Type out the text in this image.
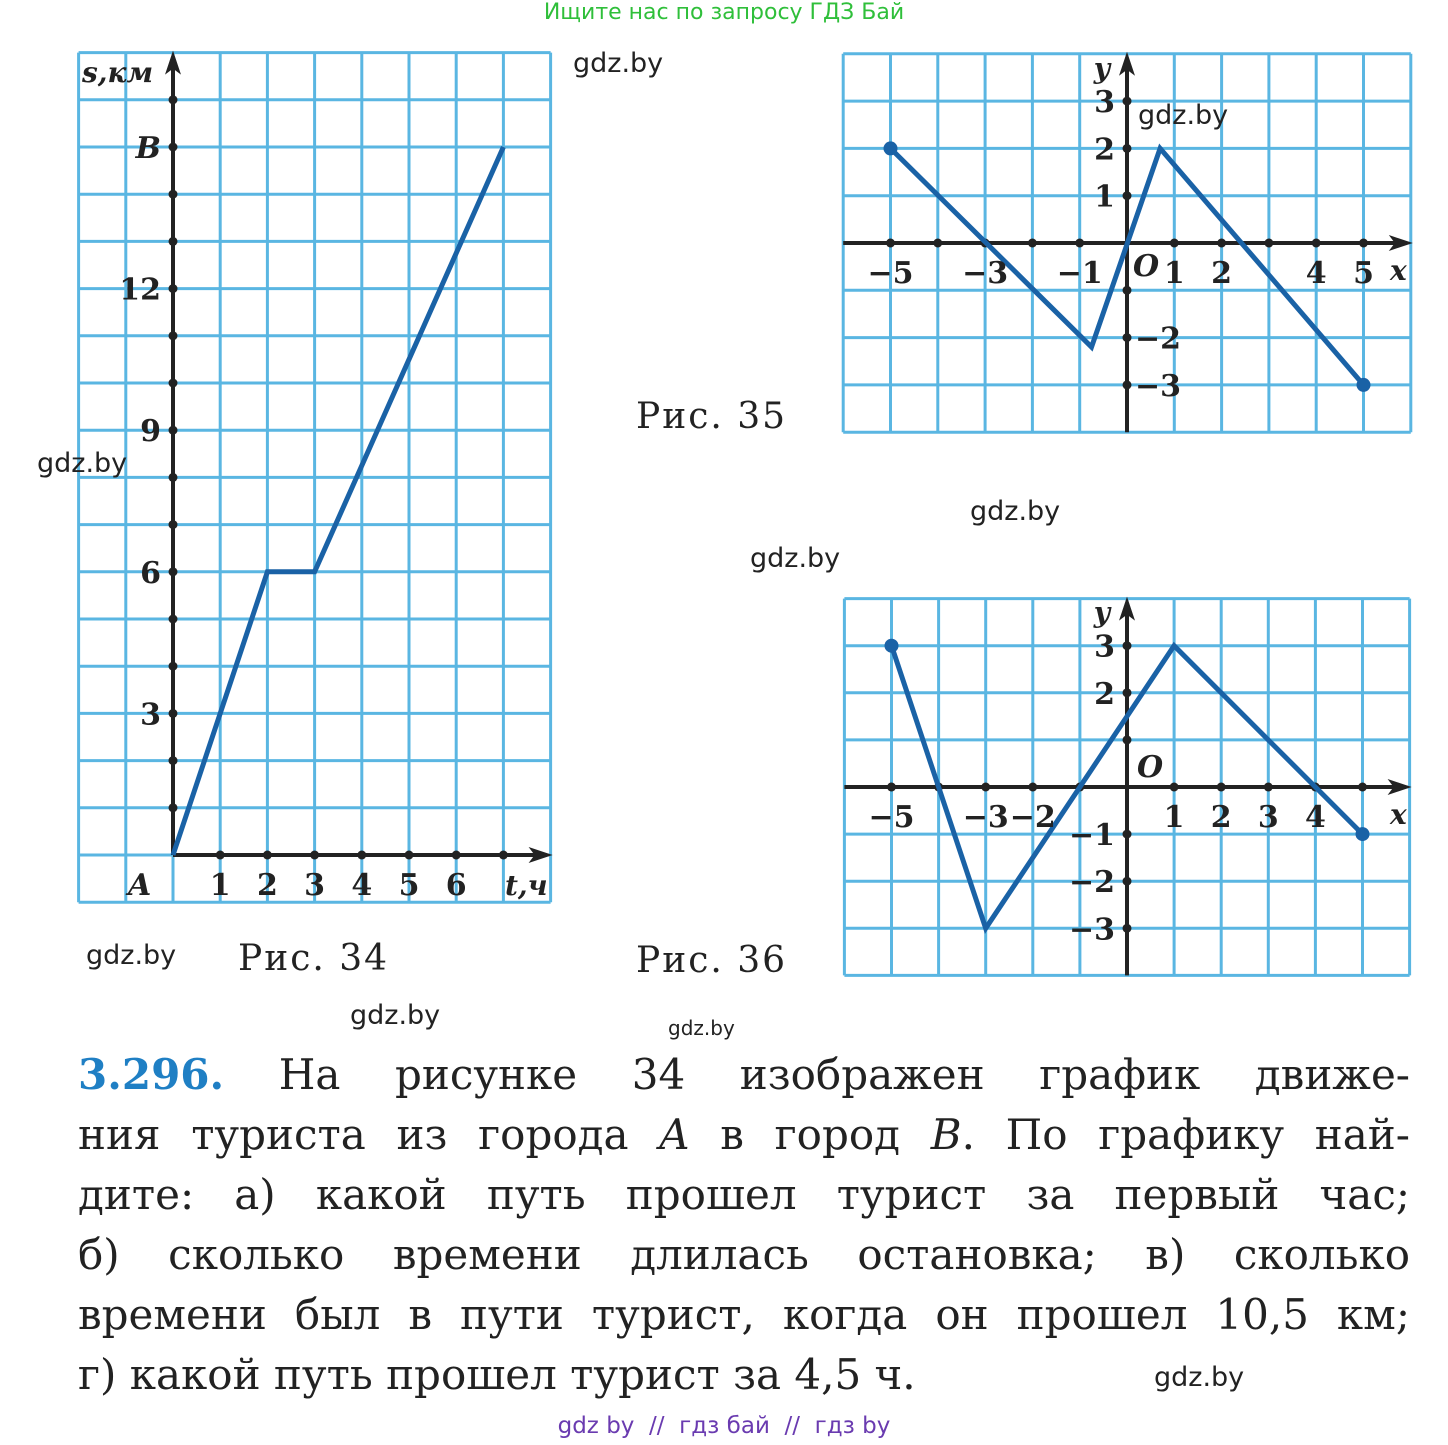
Ищите нас по запросу ГДЗ Бай
1 2 3 4 5 6
3
6
9
12
B
s,км
t,ч
A
−5 −3 −1 1 2 4 5
3
2
1
−2
−3
y
x
O
−5 −3 −2	1 2 3 4
3
2
−1
−2
−3
y
x
O
Рис. 34
Рис. 35
Рис. 36
gdz.by
gdz.by
gdz.by
gdz.by
gdz.by
gdz.by
gdz.by
gdz.by
gdz.by
3.296. На рисунке 34 изображен график движе-
ния туриста из города A в город B. По графику най-
дите: а) какой путь прошел турист за первый час;
б) сколько времени длилась остановка; в) сколько
времени был в пути турист, когда он прошел 10,5 км;
г) какой путь прошел турист за 4,5 ч.
gdz by  //  гдз бай  //  гдз by
